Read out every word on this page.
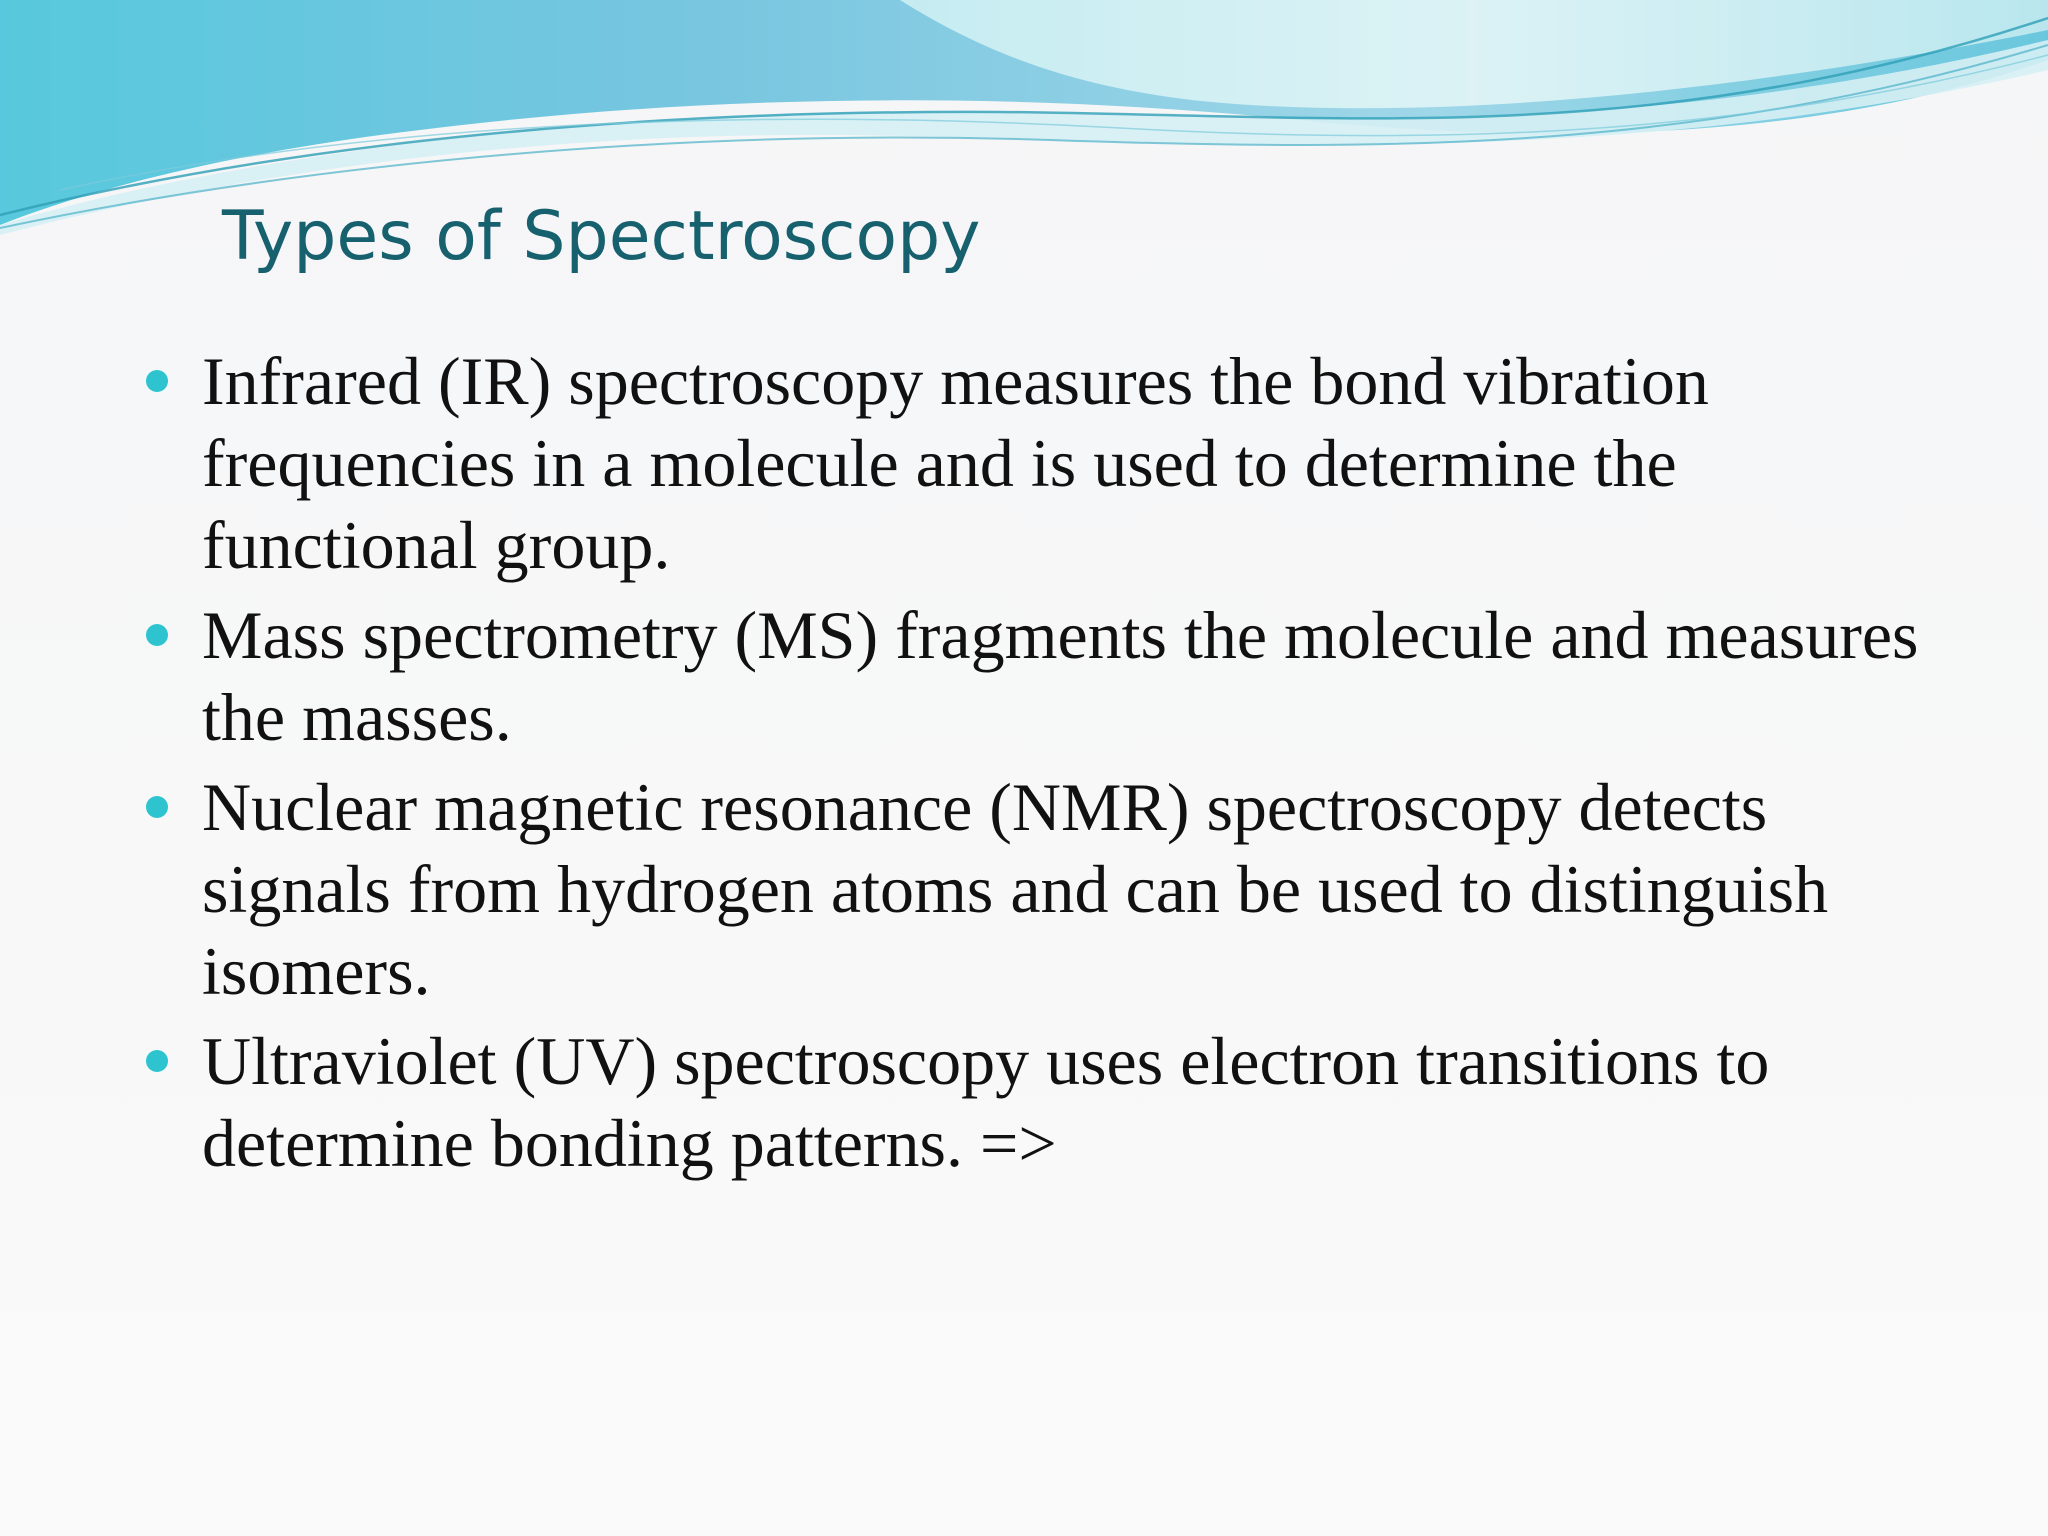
Types of Spectroscopy
Infrared (IR) spectroscopy measures the bond vibration frequencies in a molecule and is used to determine the functional group.
Mass spectrometry (MS) fragments the molecule and measures the masses.
Nuclear magnetic resonance (NMR) spectroscopy detects signals from hydrogen atoms and can be used to distinguish isomers.
Ultraviolet (UV) spectroscopy uses electron transitions to determine bonding patterns. =>
